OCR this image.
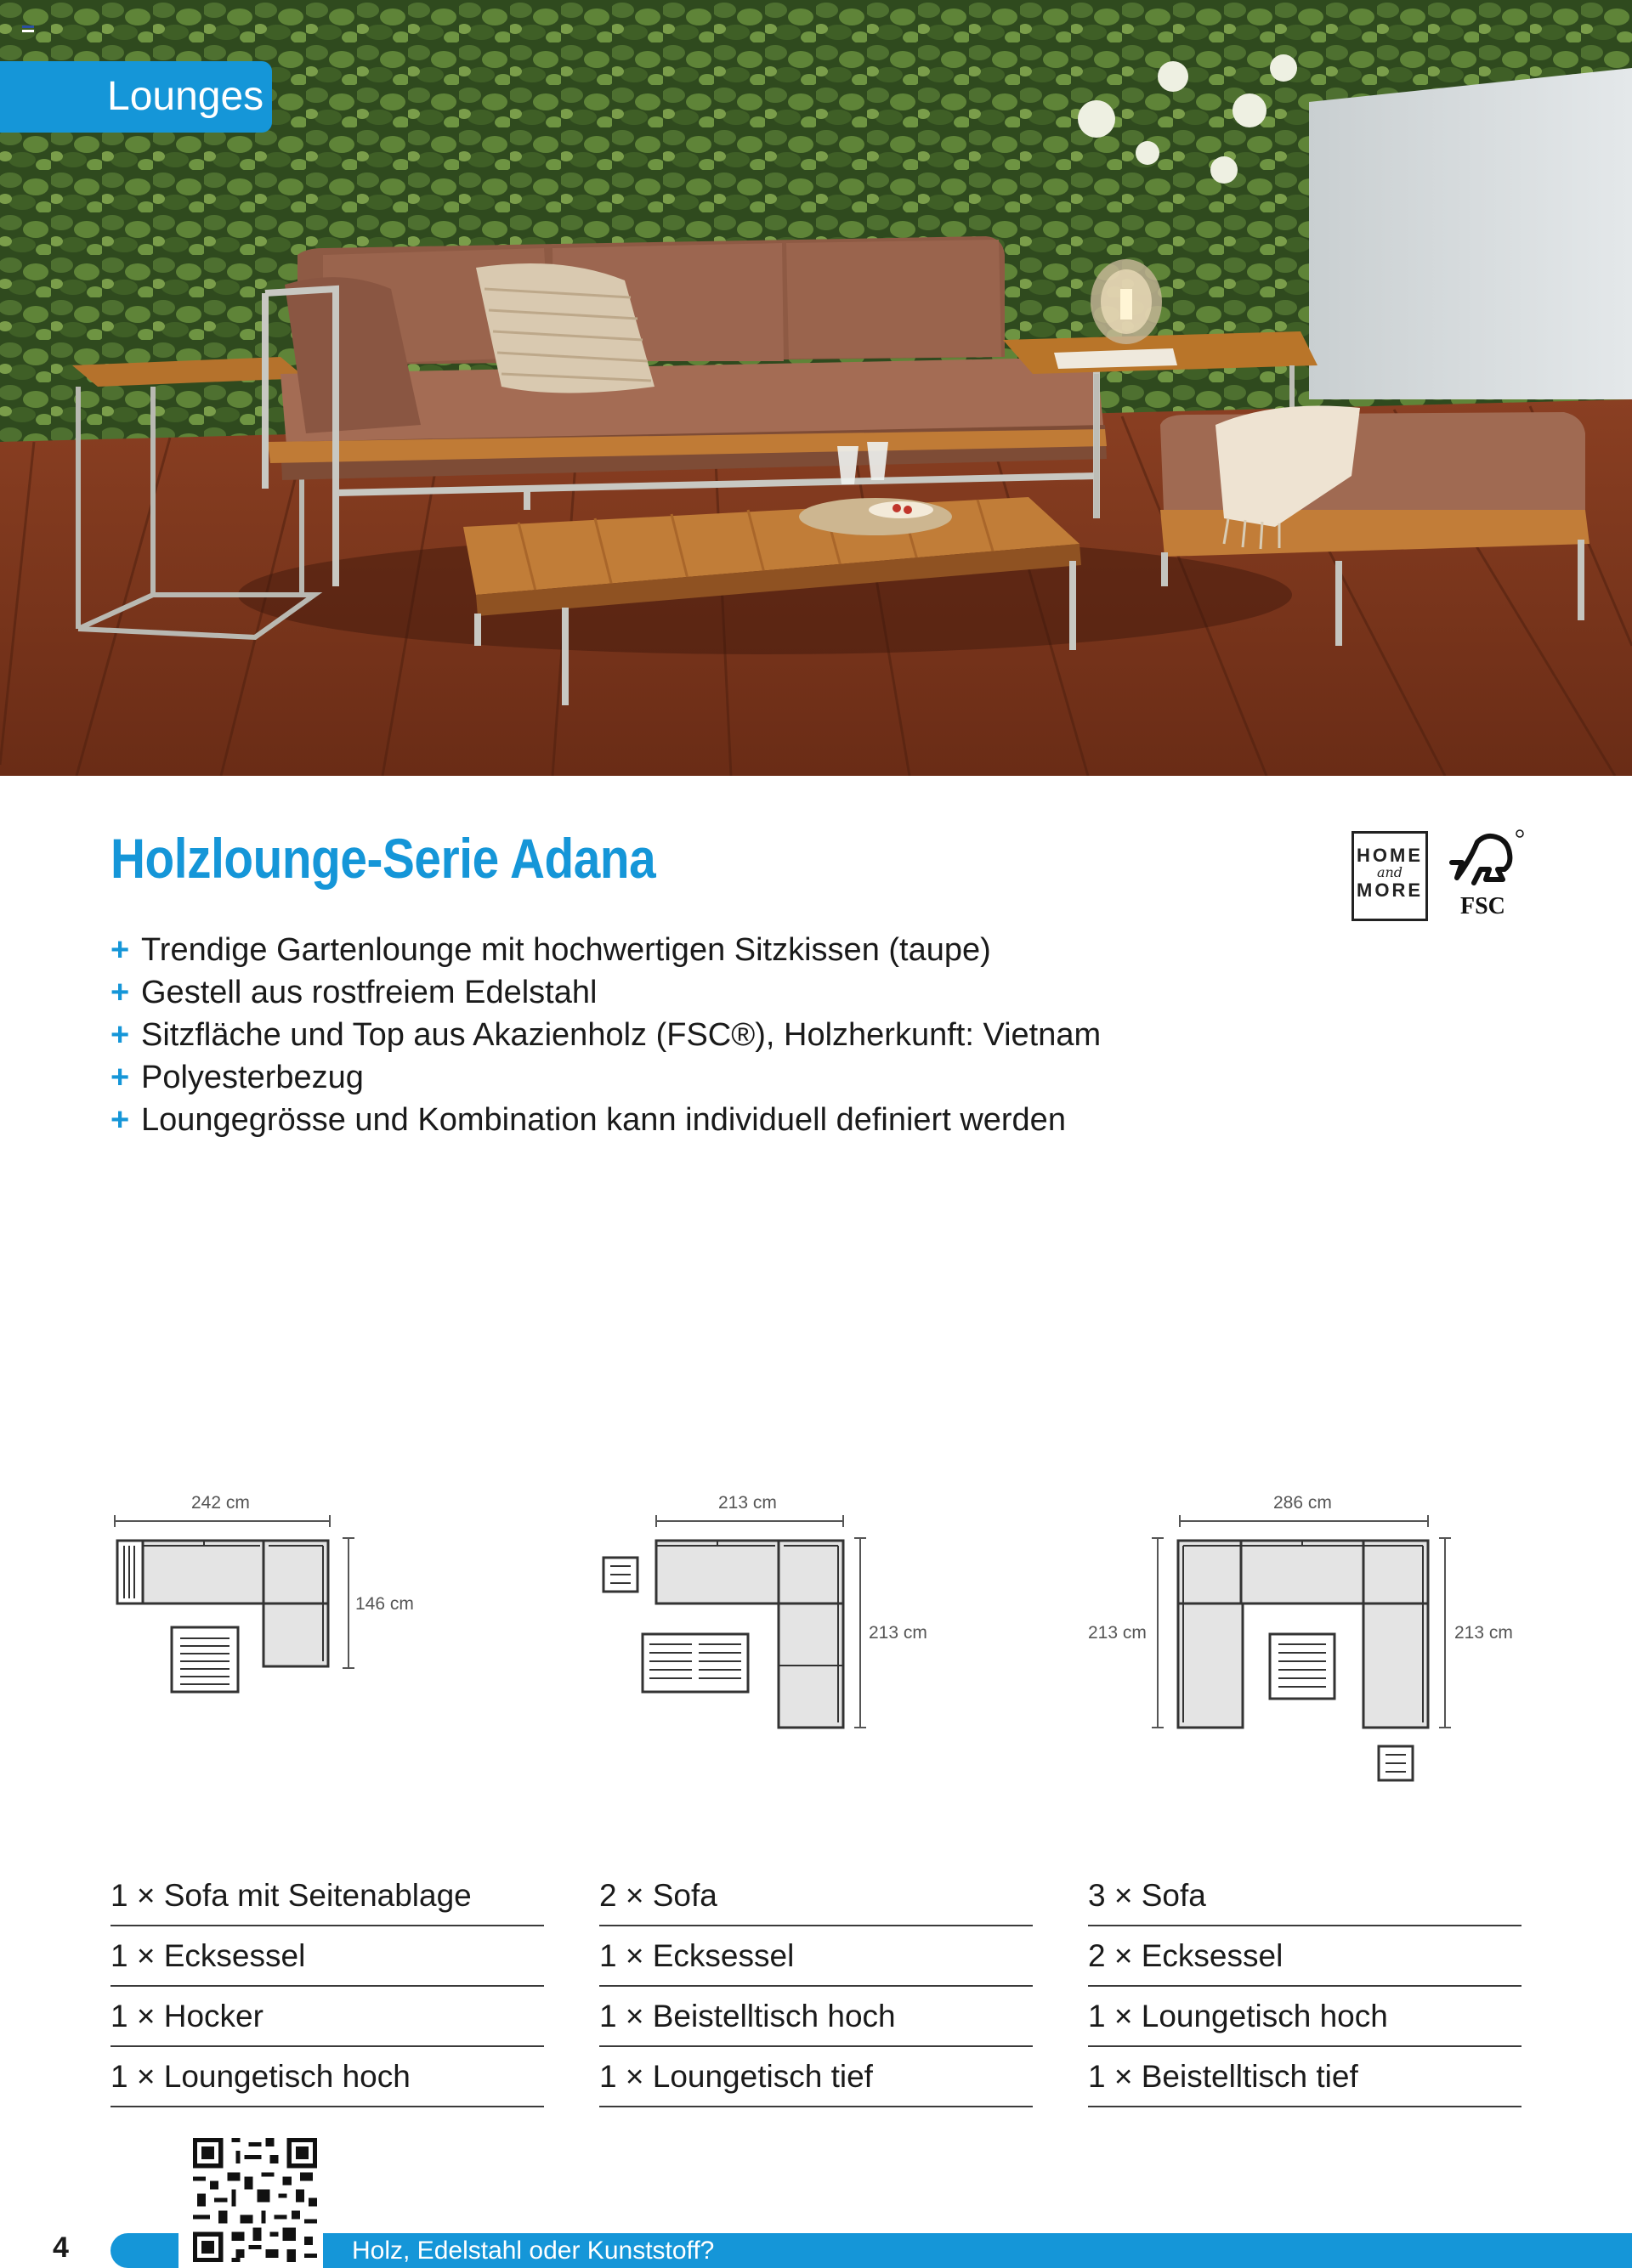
Lounges
Holzlounge-Serie Adana
+ Trendige Gartenlounge mit hochwertigen Sitzkissen (taupe)
+ Gestell aus rostfreiem Edelstahl
+ Sitzfläche und Top aus Akazienholz (FSC®), Holzherkunft: Vietnam
+ Polyesterbezug
+ Loungegrösse und Kombination kann individuell definiert werden
HOME
and
MORE
FSC
242 cm
146 cm
213 cm
213 cm
286 cm
213 cm	213 cm
1 × Sofa mit Seitenablage
1 × Ecksessel
1 × Hocker
1 × Loungetisch hoch
2 × Sofa
1 × Ecksessel
1 × Beistelltisch hoch
1 × Loungetisch tief
3 × Sofa
2 × Ecksessel
1 × Loungetisch hoch
1 × Beistelltisch tief
4	Holz, Edelstahl oder Kunststoff?
